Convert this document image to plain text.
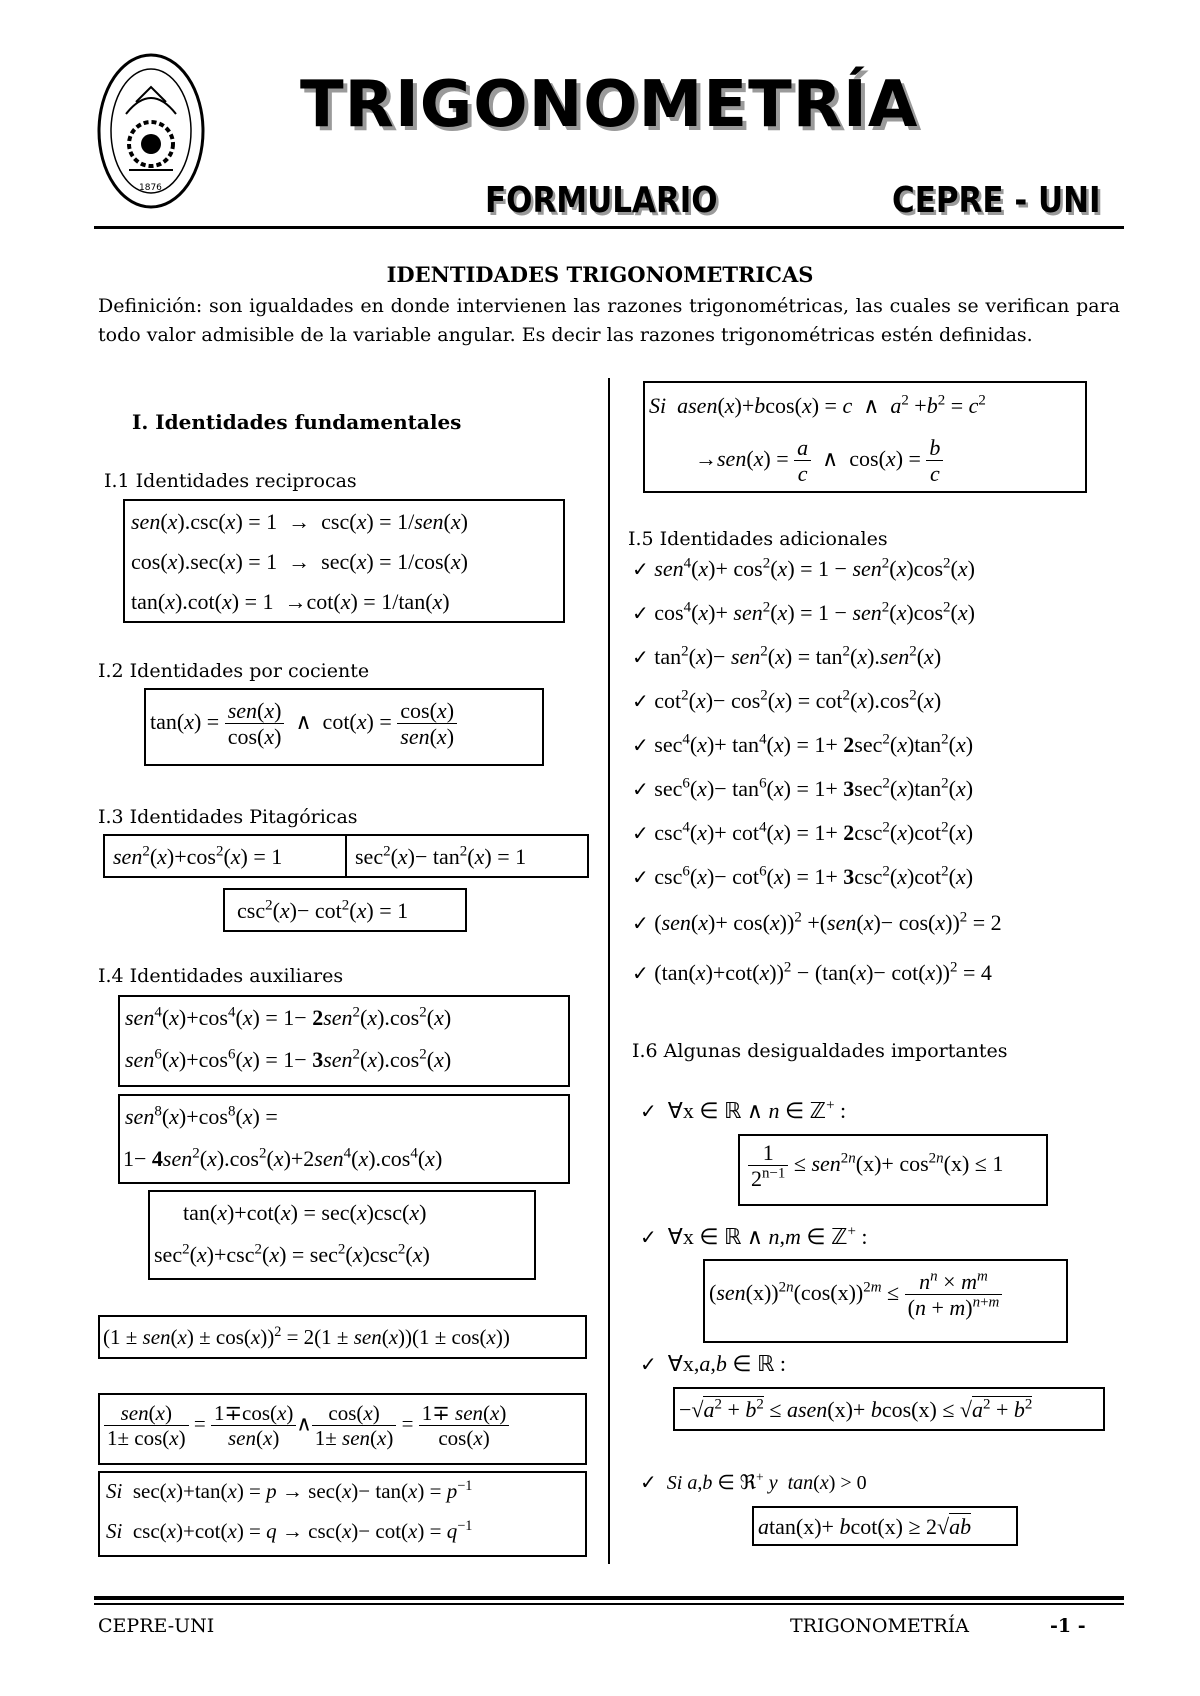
1876
TRIGONOMETRÍA
FORMULARIO	CEPRE - UNI
IDENTIDADES TRIGONOMETRICAS
Definición: son igualdades en donde intervienen las razones trigonométricas, las cuales se verifican para todo valor admisible de la variable angular. Es decir las razones trigonométricas estén definidas.
I. Identidades fundamentales
I.1 Identidades reciprocas
sen(x).csc(x) = 1  →  csc(x) = 1/sen(x)
cos(x).sec(x) = 1  →  sec(x) = 1/cos(x)
tan(x).cot(x) = 1  →cot(x) = 1/tan(x)
I.2 Identidades por cociente
$\tan(x) = \frac{\text{sen(x)}}{\cos(x)}$ ∧  $\cot(x) = \frac{\cos(x)}{\text{sen(x)}}$
I.3 Identidades Pitagóricas
$sen^2(x)+\cos^2(x) = 1$	$\sec^2(x)- \tan^2(x) = 1$
$\csc^2(x)- \cot^2(x) = 1$
I.4 Identidades auxiliares
$sen^4(x)+\cos^4(x) = 1- 2sen^2(x).\cos^2(x)$
$sen^6(x)+\cos^6(x) = 1- 3sen^2(x).\cos^2(x)$
$sen^8(x)+\cos^8(x)$ =
$1- 4sen^2(x).\cos^2(x)+2sen^4(x).\cos^4(x)$
tan(x)+cot(x) = sec(x)csc(x)
$\sec^2(x)+\csc^2(x) = \sec^2(x)\csc^2(x)$
$(1 \pm sen(x) \pm \cos(x))^2 = 2(1 \pm sen(x))(1 \pm \cos(x))$
$\frac{\text{sen(x)}}{1\pm \cos(x)} = \frac{1\mp\cos(x)}{\text{sen(x)}}$ ∧ $\frac{\cos(x)}{\text{1± sen(x)}} = \frac{\text{1∓ sen(x)}}{\cos(x)}$
Si  $\sec(x)+\tan(x) = p \to \sec(x)- \tan(x) = p^{-1}$
Si  $\csc(x)+\cot(x) = q \to \csc(x)- \cot(x) = q^{-1}$
Si asen(x)+bcos(x) = c  ∧  $a^2 +b^2 = c^2$
$\to sen(x) = \frac{a}{c}$ ∧  $\cos(x) = \frac{b}{c}$
I.5 Identidades adicionales
✓ $sen^4(x)+ \cos^2(x) = 1 - sen^2(x)\cos^2(x)$
✓ $\cos^4(x)+ sen^2(x) = 1 - sen^2(x)\cos^2(x)$
✓ $\tan^2(x)- sen^2(x) = \tan^2(x).sen^2(x)$
✓ $\cot^2(x)- \cos^2(x) = \cot^2(x).\cos^2(x)$
✓ $\sec^4(x)+ \tan^4(x) = 1+ 2\sec^2(x)\tan^2(x)$
✓ $\sec^6(x)- \tan^6(x) = 1+ 3\sec^2(x)\tan^2(x)$
✓ $\csc^4(x)+ \cot^4(x) = 1+ 2\csc^2(x)\cot^2(x)$
✓ $\csc^6(x)- \cot^6(x) = 1+ 3\csc^2(x)\cot^2(x)$
✓ $(sen(x)+ \cos(x))^2 +(sen(x)- \cos(x))^2 = 2$
✓ $(\tan(x)+\cot(x))^2 - (\tan(x)- \cot(x))^2 = 4$
I.6 Algunas desigualdades importantes
✓  ∀x ∈ ℝ ∧ n ∈ ℤ+ :
$\frac{1}{2^{n-1}} \le sen^{2n}(x)+ \cos^{2n}(x) \le 1$
✓  ∀x ∈ ℝ ∧ n,m ∈ ℤ+ :
$(sen(x))^{2n}(\cos(x))^{2m} \le \frac{n^n \times m^m}{(n + m)^{n+m}}$
✓  ∀x,a,b ∈ ℝ :
$-√a^2 + b^2$ ≤ asen(x)+ $bcos(x) \le √a^2 + b^2$
✓ Si a,b ∈ ℜ+ y tan(x) > 0
atan(x)+ bcot(x) ≥ 2√ab
CEPRE-UNI	TRIGONOMETRÍA	-1 -
